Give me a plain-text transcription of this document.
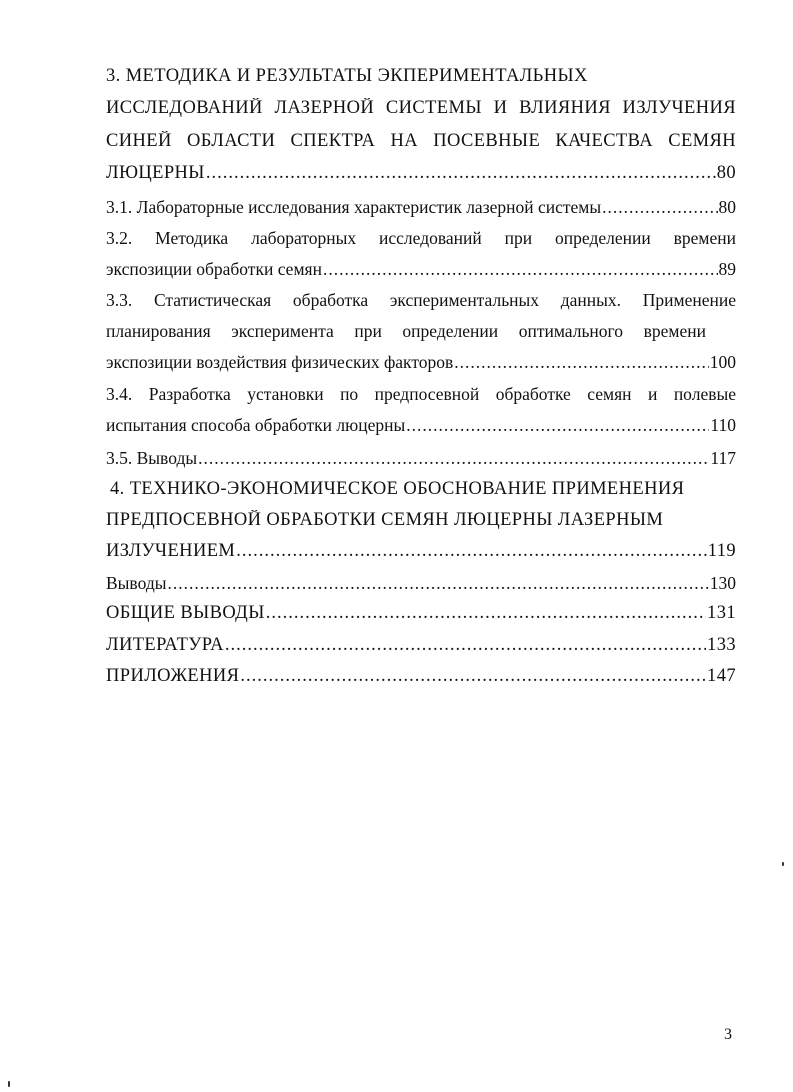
3. МЕТОДИКА И РЕЗУЛЬТАТЫ ЭКПЕРИМЕНТАЛЬНЫХ
ИССЛЕДОВАНИЙ ЛАЗЕРНОЙ СИСТЕМЫ И ВЛИЯНИЯ ИЗЛУЧЕНИЯ
СИНЕЙ ОБЛАСТИ СПЕКТРА НА ПОСЕВНЫЕ КАЧЕСТВА СЕМЯН
ЛЮЦЕРНЫ .....	80
3.1. Лабораторные исследования характеристик лазерной системы .....	80
3.2. Методика лабораторных исследований при определении времени
экспозиции обработки семян .....	89
3.3. Статистическая обработка экспериментальных данных. Применение
планирования эксперимента при определении оптимального времени
экспозиции воздействия физических факторов .....	100
3.4. Разработка установки по предпосевной обработке семян и полевые
испытания способа обработки люцерны .....	110
3.5. Выводы .....	117
4. ТЕХНИКО-ЭКОНОМИЧЕСКОЕ ОБОСНОВАНИЕ ПРИМЕНЕНИЯ
ПРЕДПОСЕВНОЙ ОБРАБОТКИ СЕМЯН ЛЮЦЕРНЫ ЛАЗЕРНЫМ
ИЗЛУЧЕНИЕМ .....	119
Выводы .....	130
ОБЩИЕ ВЫВОДЫ .....	131
ЛИТЕРАТУРА .....	133
ПРИЛОЖЕНИЯ .....	147
3
